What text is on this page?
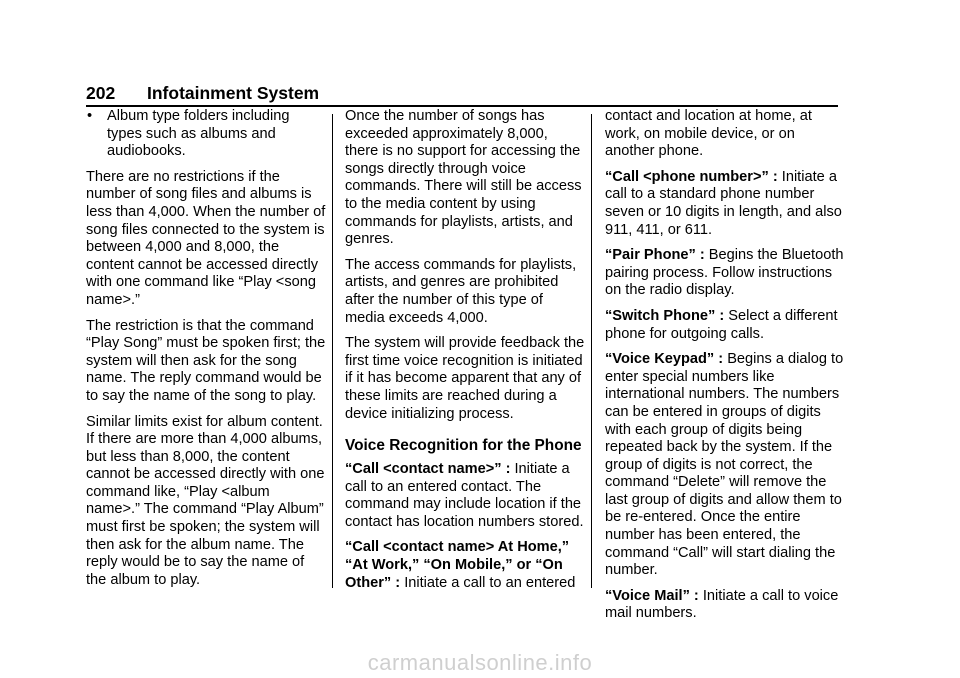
202 Infotainment System
• Album type folders including types such as albums and audiobooks.

There are no restrictions if the number of song files and albums is less than 4,000. When the number of song files connected to the system is between 4,000 and 8,000, the content cannot be accessed directly with one command like “Play <song name>.”

The restriction is that the command “Play Song” must be spoken first; the system will then ask for the song name. The reply command would be to say the name of the song to play.

Similar limits exist for album content. If there are more than 4,000 albums, but less than 8,000, the content cannot be accessed directly with one command like, “Play <album name>.” The command “Play Album” must first be spoken; the system will then ask for the album name. The reply would be to say the name of the album to play.

Once the number of songs has exceeded approximately 8,000, there is no support for accessing the songs directly through voice commands. There will still be access to the media content by using commands for playlists, artists, and genres.

The access commands for playlists, artists, and genres are prohibited after the number of this type of media exceeds 4,000.

The system will provide feedback the first time voice recognition is initiated if it has become apparent that any of these limits are reached during a device initializing process.

Voice Recognition for the Phone

“Call <contact name>” : Initiate a call to an entered contact. The command may include location if the contact has location numbers stored.

“Call <contact name> At Home,” “At Work,” “On Mobile,” or “On Other” : Initiate a call to an entered

contact and location at home, at work, on mobile device, or on another phone.

“Call <phone number>” : Initiate a call to a standard phone number seven or 10 digits in length, and also 911, 411, or 611.

“Pair Phone” : Begins the Bluetooth pairing process. Follow instructions on the radio display.

“Switch Phone” : Select a different phone for outgoing calls.

“Voice Keypad” : Begins a dialog to enter special numbers like international numbers. The numbers can be entered in groups of digits with each group of digits being repeated back by the system. If the group of digits is not correct, the command “Delete” will remove the last group of digits and allow them to be re-entered. Once the entire number has been entered, the command “Call” will start dialing the number.

“Voice Mail” : Initiate a call to voice mail numbers.

carmanualsonline.info
